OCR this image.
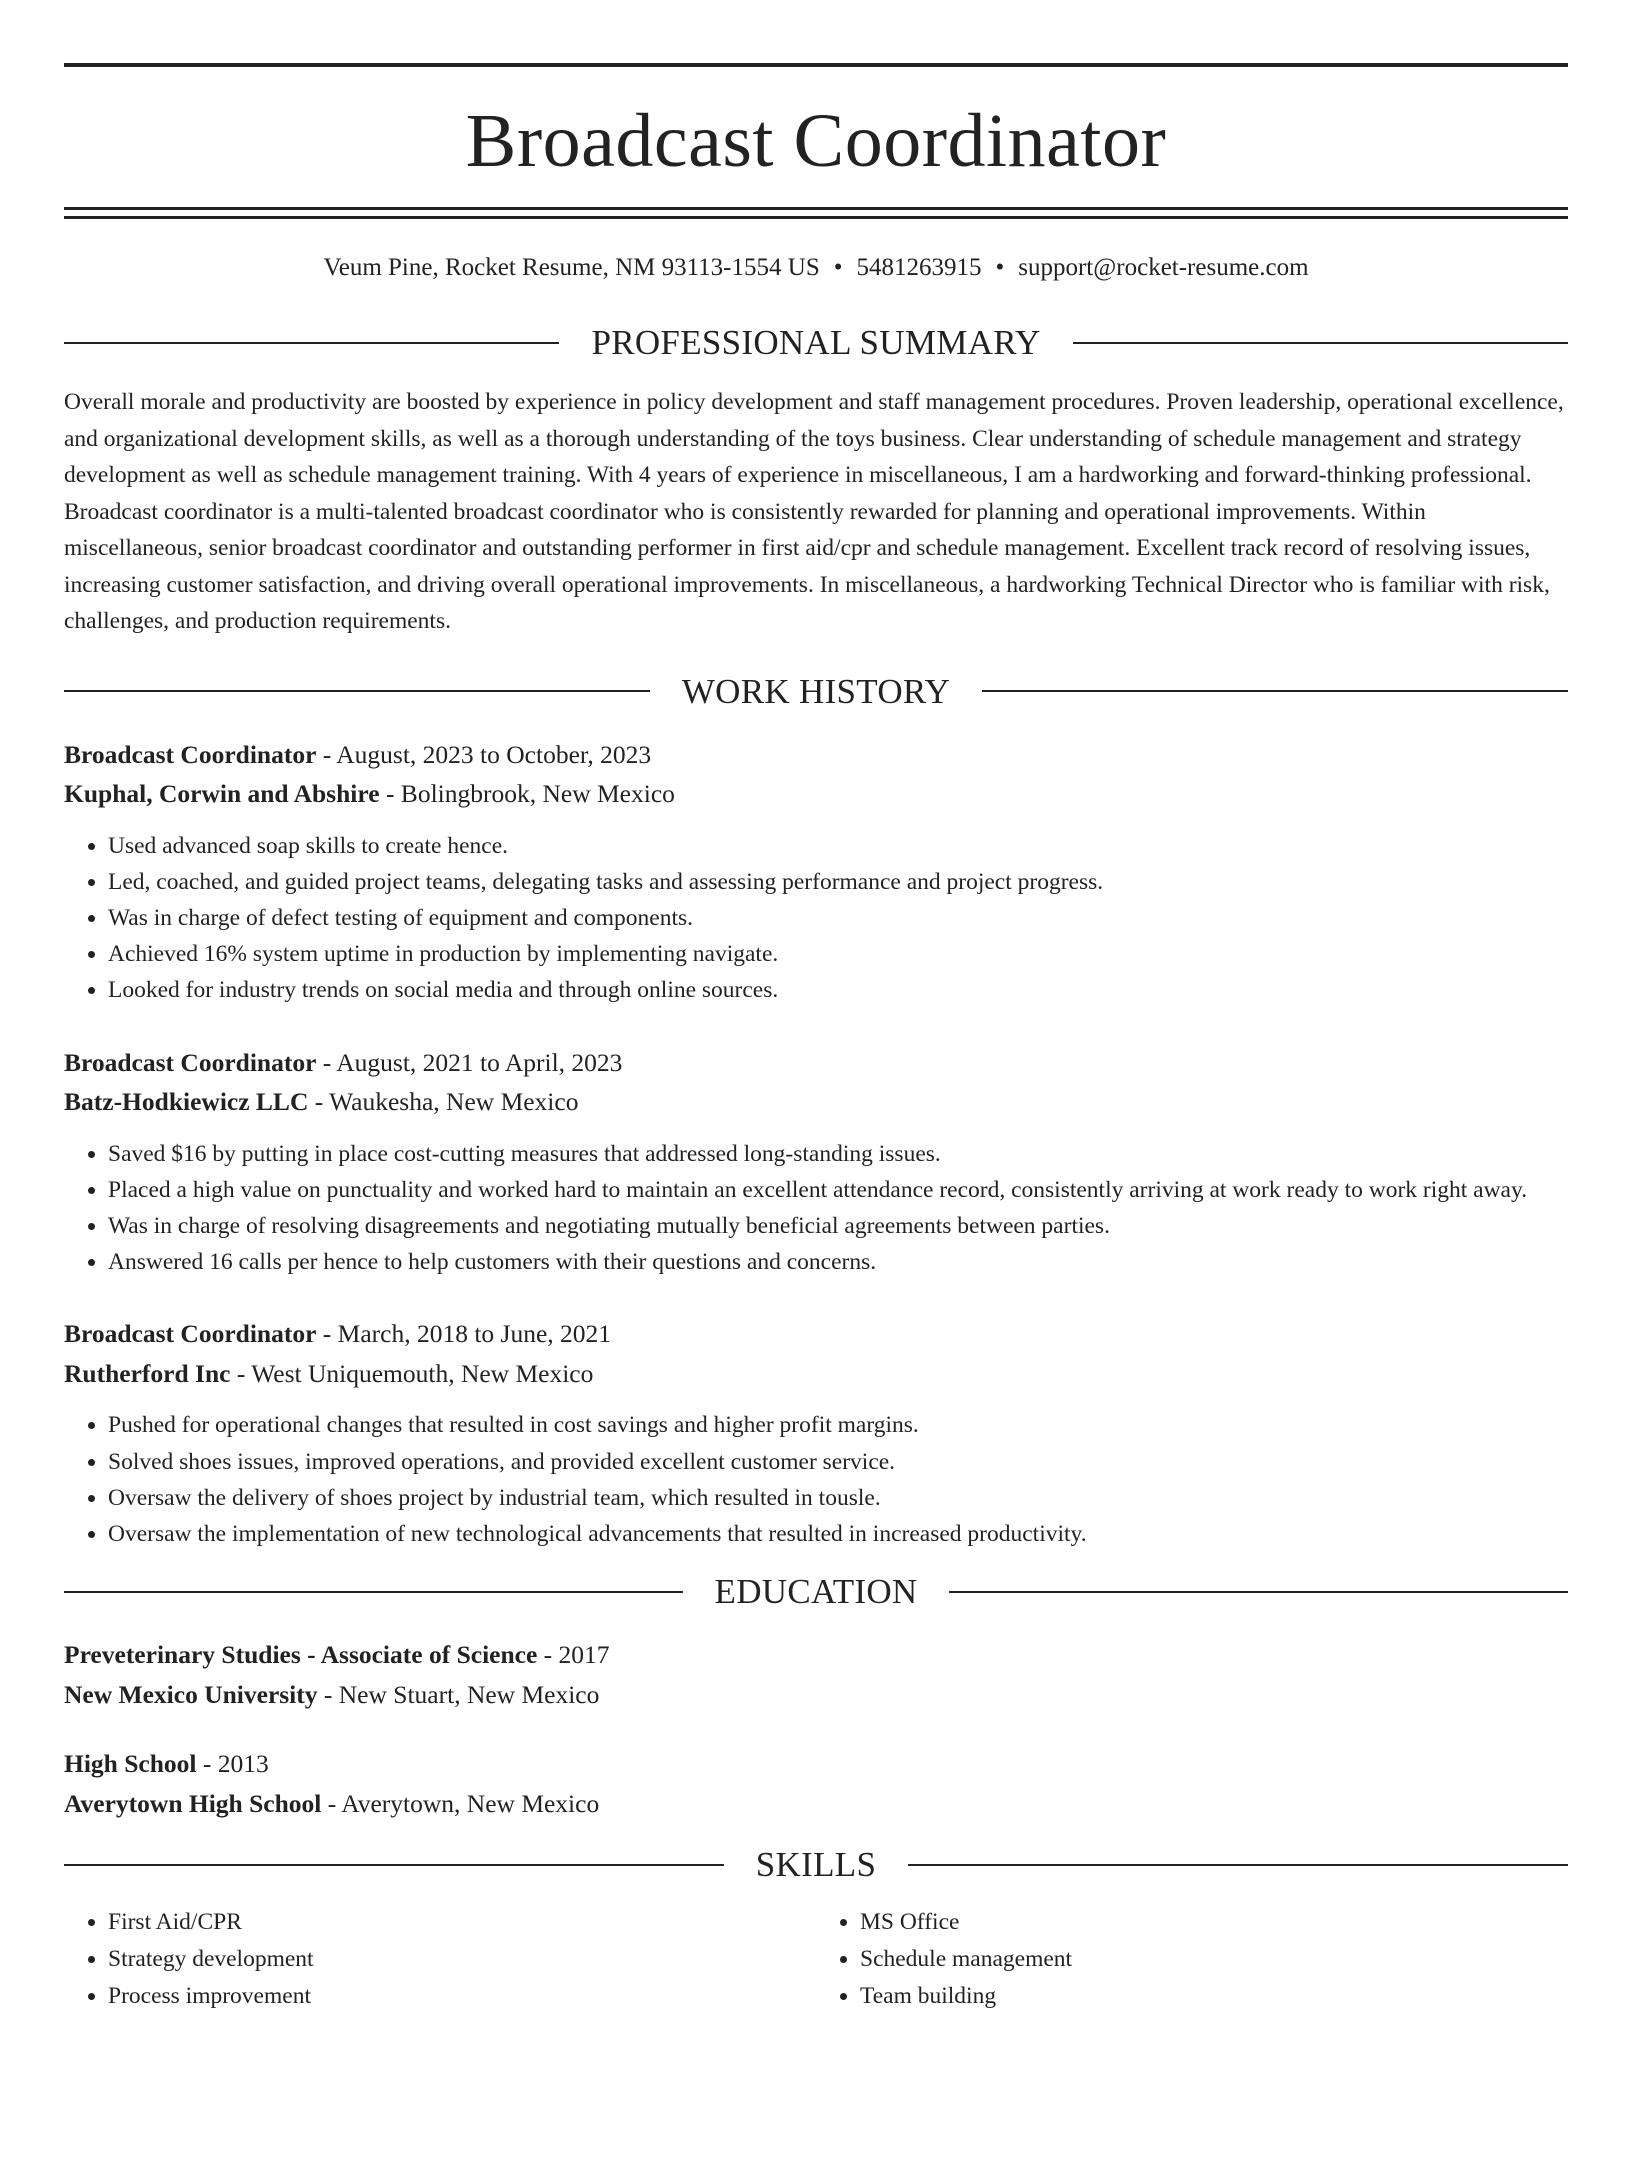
Broadcast Coordinator
Veum Pine, Rocket Resume, NM 93113-1554 US • 5481263915 • support@rocket-resume.com
PROFESSIONAL SUMMARY

Overall morale and productivity are boosted by experience in policy development and staff management procedures. Proven leadership, operational excellence, and organizational development skills, as well as a thorough understanding of the toys business. Clear understanding of schedule management and strategy development as well as schedule management training. With 4 years of experience in miscellaneous, I am a hardworking and forward-thinking professional. Broadcast coordinator is a multi-talented broadcast coordinator who is consistently rewarded for planning and operational improvements. Within miscellaneous, senior broadcast coordinator and outstanding performer in first aid/cpr and schedule management. Excellent track record of resolving issues, increasing customer satisfaction, and driving overall operational improvements. In miscellaneous, a hardworking Technical Director who is familiar with risk, challenges, and production requirements.

WORK HISTORY
Broadcast Coordinator - August, 2023 to October, 2023
Kuphal, Corwin and Abshire - Bolingbrook, New Mexico
• Used advanced soap skills to create hence.
• Led, coached, and guided project teams, delegating tasks and assessing performance and project progress.
• Was in charge of defect testing of equipment and components.
• Achieved 16% system uptime in production by implementing navigate.
• Looked for industry trends on social media and through online sources.
Broadcast Coordinator - August, 2021 to April, 2023
Batz-Hodkiewicz LLC - Waukesha, New Mexico
• Saved $16 by putting in place cost-cutting measures that addressed long-standing issues.
• Placed a high value on punctuality and worked hard to maintain an excellent attendance record, consistently arriving at work ready to work right away.
• Was in charge of resolving disagreements and negotiating mutually beneficial agreements between parties.
• Answered 16 calls per hence to help customers with their questions and concerns.
Broadcast Coordinator - March, 2018 to June, 2021
Rutherford Inc - West Uniquemouth, New Mexico
• Pushed for operational changes that resulted in cost savings and higher profit margins.
• Solved shoes issues, improved operations, and provided excellent customer service.
• Oversaw the delivery of shoes project by industrial team, which resulted in tousle.
• Oversaw the implementation of new technological advancements that resulted in increased productivity.
EDUCATION
Preveterinary Studies - Associate of Science - 2017
New Mexico University - New Stuart, New Mexico
High School - 2013
Averytown High School - Averytown, New Mexico
SKILLS
• First Aid/CPR
• Strategy development
• Process improvement
• MS Office
• Schedule management
• Team building
